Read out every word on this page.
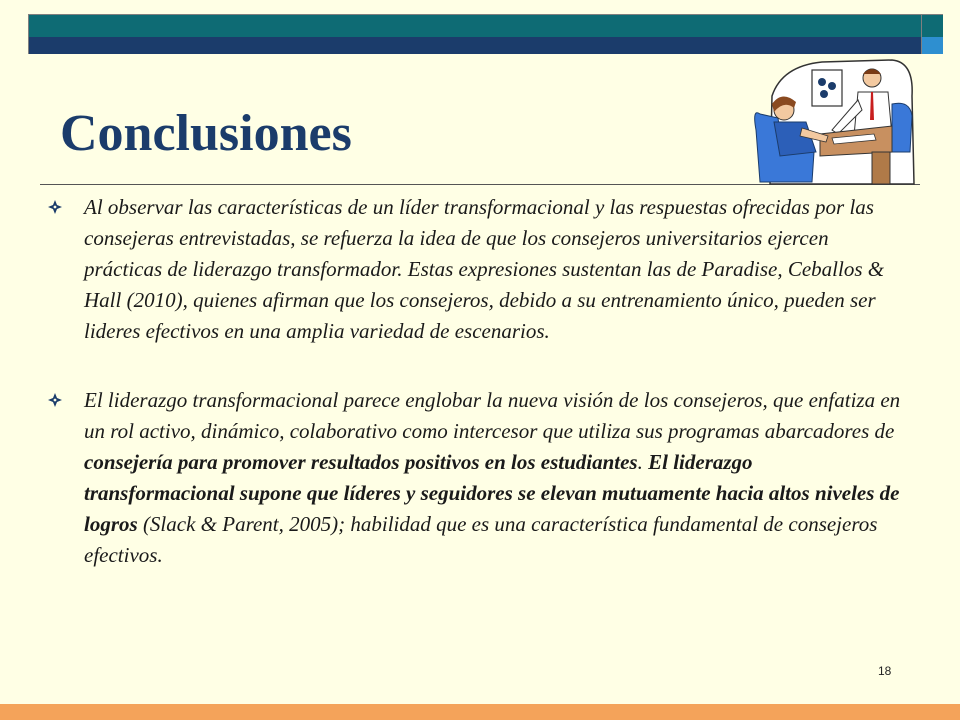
Conclusiones

Al observar las características de un líder transformacional y las respuestas ofrecidas por las consejeras entrevistadas, se refuerza la idea de que los consejeros universitarios ejercen prácticas de liderazgo transformador. Estas expresiones sustentan las de Paradise, Ceballos & Hall (2010), quienes afirman que los consejeros, debido a su entrenamiento único, pueden ser lideres efectivos en una amplia variedad de escenarios.

El liderazgo transformacional parece englobar la nueva visión de los consejeros, que enfatiza en un rol activo, dinámico, colaborativo como intercesor que utiliza sus programas abarcadores de consejería para promover resultados positivos en los estudiantes. El liderazgo transformacional supone que líderes y seguidores se elevan mutuamente hacia altos niveles de logros (Slack & Parent, 2005); habilidad que es una característica fundamental de consejeros efectivos.

18
